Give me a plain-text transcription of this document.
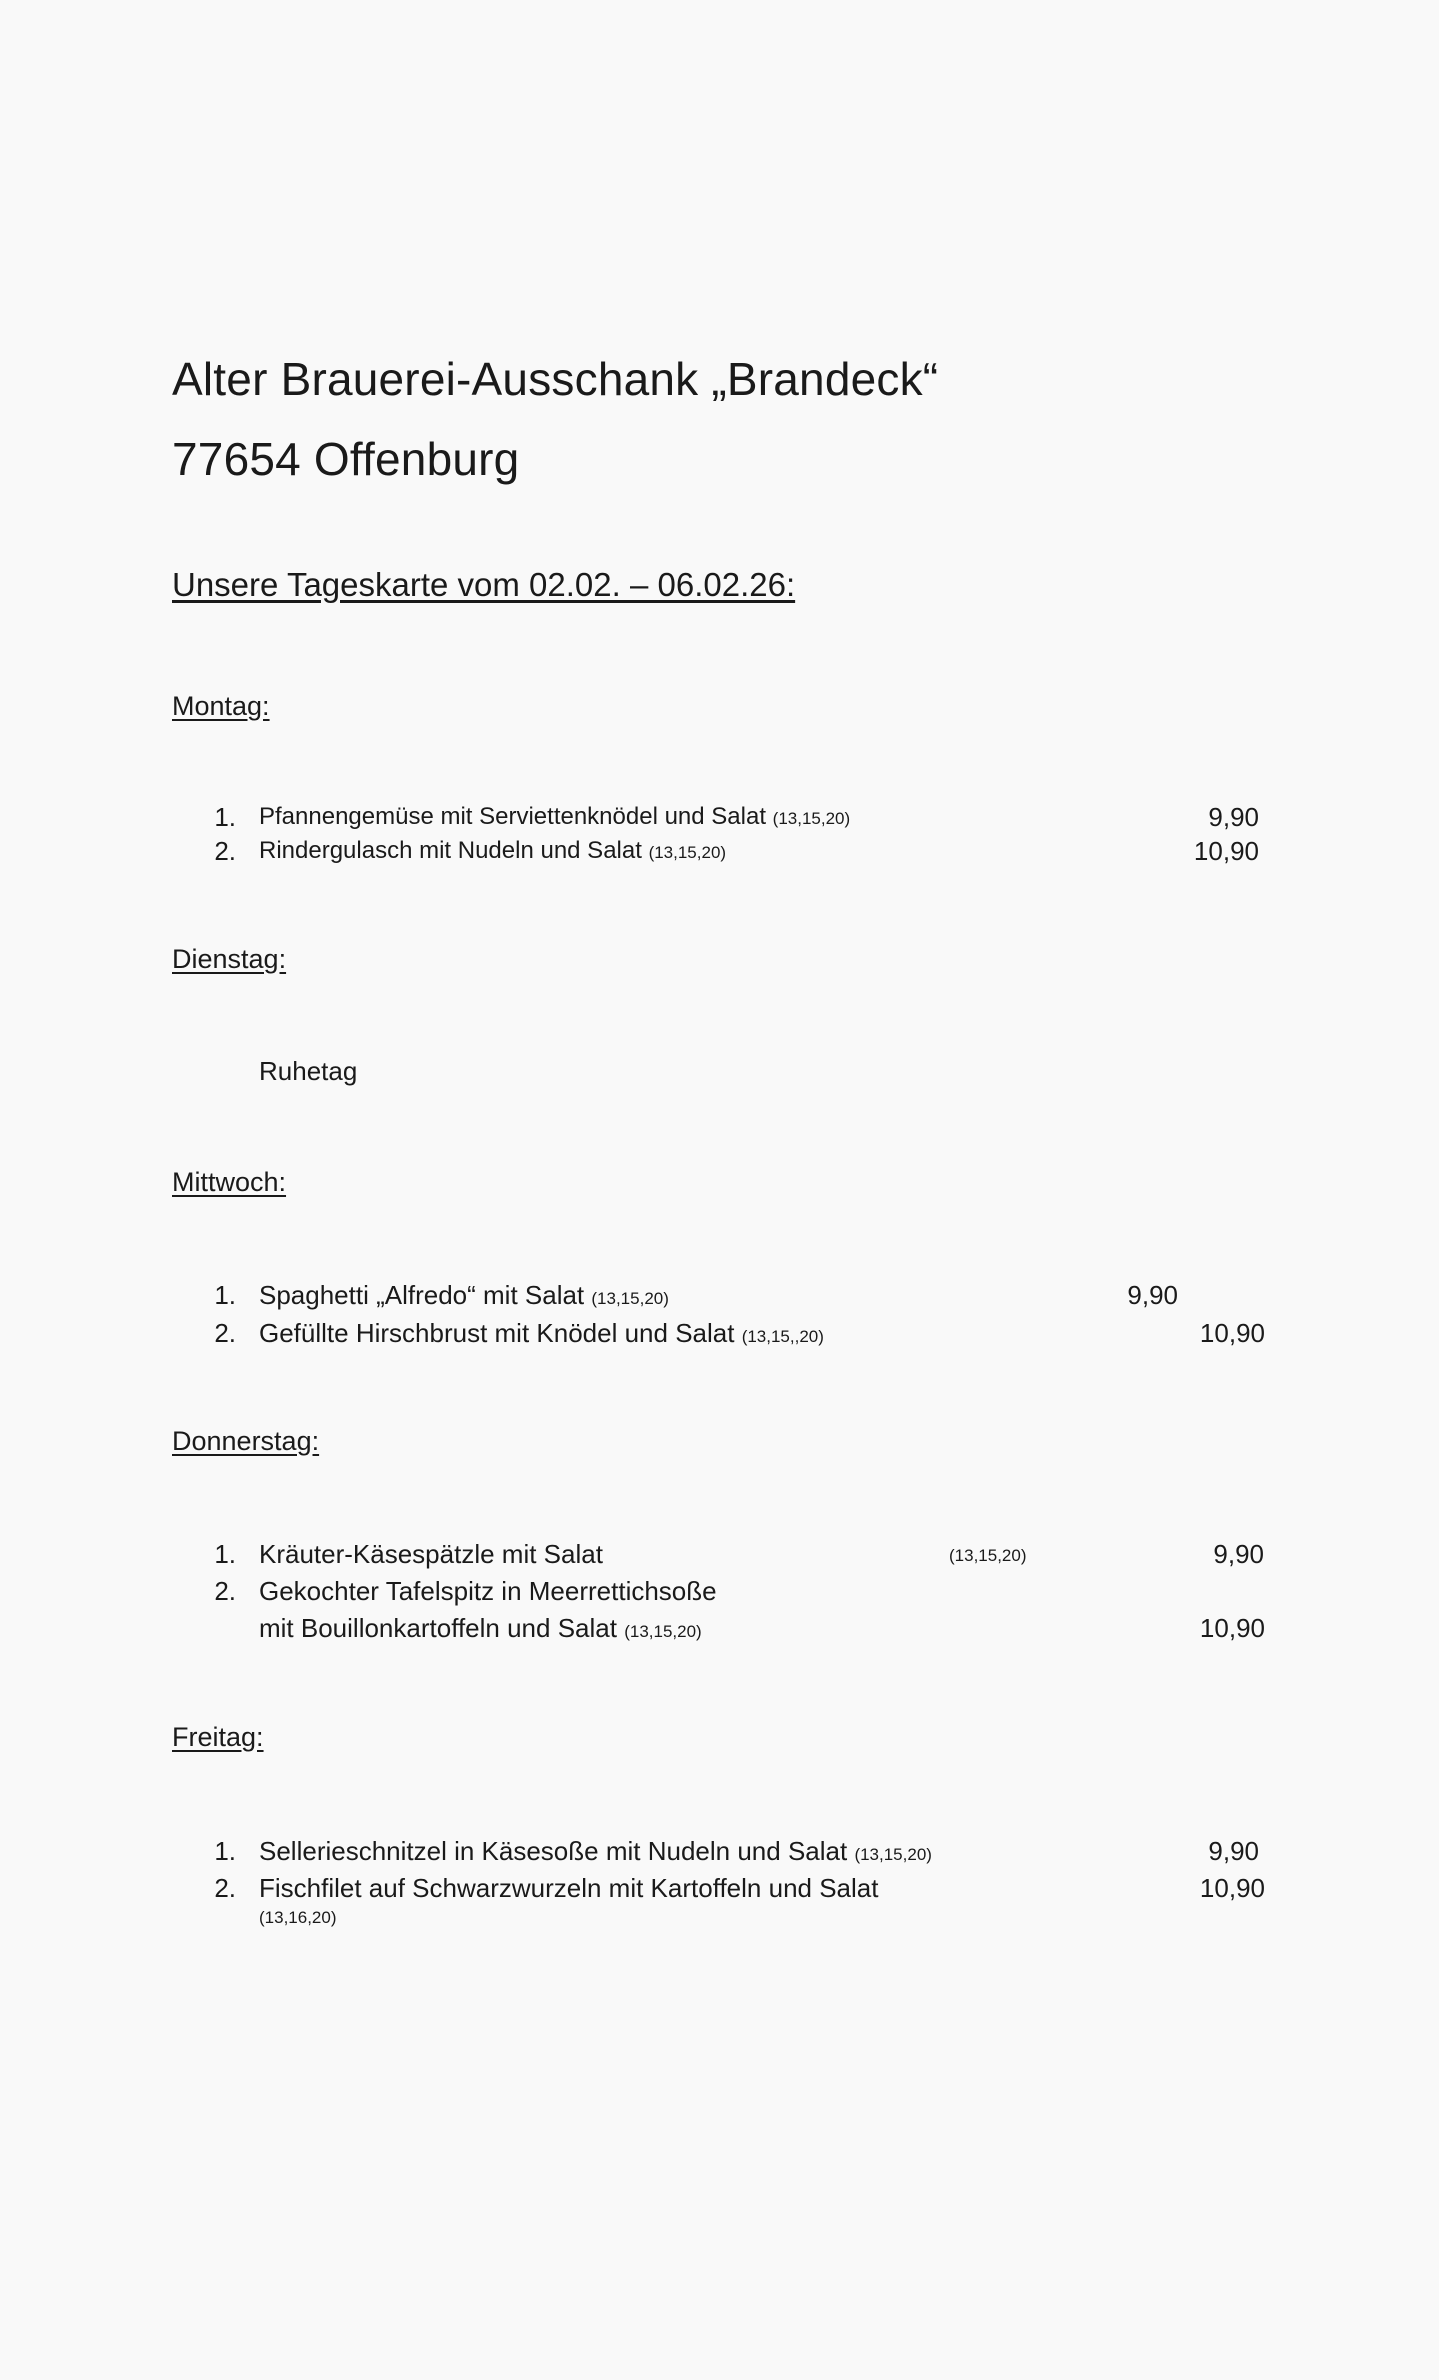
Alter Brauerei-Ausschank „Brandeck“
77654 Offenburg
Unsere Tageskarte vom 02.02. – 06.02.26:
Montag:
1. Pfannengemüse mit Serviettenknödel und Salat (13,15,20)	9,90
2. Rindergulasch mit Nudeln und Salat (13,15,20)	10,90
Dienstag:
Ruhetag
Mittwoch:
1. Spaghetti „Alfredo“ mit Salat (13,15,20)	9,90
2. Gefüllte Hirschbrust mit Knödel und Salat (13,15,,20)	10,90
Donnerstag:
1. Kräuter-Käsespätzle mit Salat	(13,15,20)	9,90
2. Gekochter Tafelspitz in Meerrettichsoße
mit Bouillonkartoffeln und Salat (13,15,20)	10,90
Freitag:
1. Sellerieschnitzel in Käsesoße mit Nudeln und Salat (13,15,20)	9,90
2. Fischfilet auf Schwarzwurzeln mit Kartoffeln und Salat	10,90
(13,16,20)
